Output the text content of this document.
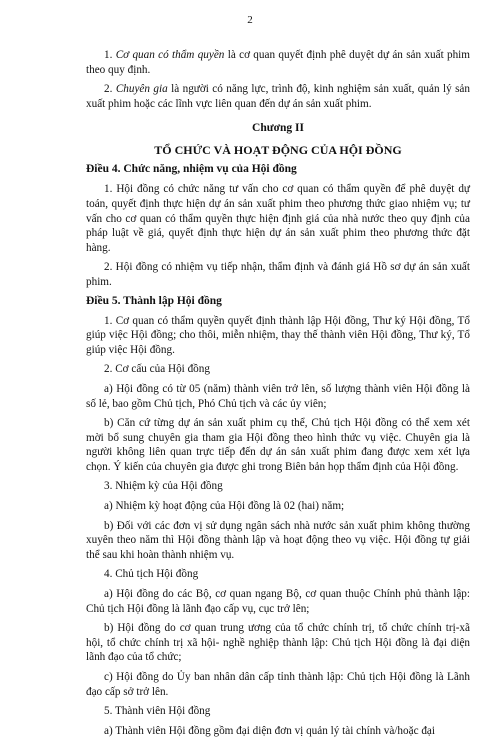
2

1. Cơ quan có thẩm quyền là cơ quan quyết định phê duyệt dự án sản xuất phim theo quy định.

2. Chuyên gia là người có năng lực, trình độ, kinh nghiệm sản xuất, quản lý sản xuất phim hoặc các lĩnh vực liên quan đến dự án sản xuất phim.

Chương II
TỔ CHỨC VÀ HOẠT ĐỘNG CỦA HỘI ĐỒNG

Điều 4. Chức năng, nhiệm vụ của Hội đồng

1. Hội đồng có chức năng tư vấn cho cơ quan có thẩm quyền để phê duyệt dự toán, quyết định thực hiện dự án sản xuất phim theo phương thức giao nhiệm vụ; tư vấn cho cơ quan có thẩm quyền thực hiện định giá của nhà nước theo quy định của pháp luật về giá, quyết định thực hiện dự án sản xuất phim theo phương thức đặt hàng.

2. Hội đồng có nhiệm vụ tiếp nhận, thẩm định và đánh giá Hồ sơ dự án sản xuất phim.

Điều 5. Thành lập Hội đồng

1. Cơ quan có thẩm quyền quyết định thành lập Hội đồng, Thư ký Hội đồng, Tổ giúp việc Hội đồng; cho thôi, miễn nhiệm, thay thế thành viên Hội đồng, Thư ký, Tổ giúp việc Hội đồng.

2. Cơ cấu của Hội đồng

a) Hội đồng có từ 05 (năm) thành viên trở lên, số lượng thành viên Hội đồng là số lẻ, bao gồm Chủ tịch, Phó Chủ tịch và các ủy viên;

b) Căn cứ từng dự án sản xuất phim cụ thể, Chủ tịch Hội đồng có thể xem xét mời bổ sung chuyên gia tham gia Hội đồng theo hình thức vụ việc. Chuyên gia là người không liên quan trực tiếp đến dự án sản xuất phim đang được xem xét lựa chọn. Ý kiến của chuyên gia được ghi trong Biên bản họp thẩm định của Hội đồng.

3. Nhiệm kỳ của Hội đồng

a) Nhiệm kỳ hoạt động của Hội đồng là 02 (hai) năm;

b) Đối với các đơn vị sử dụng ngân sách nhà nước sản xuất phim không thường xuyên theo năm thì Hội đồng thành lập và hoạt động theo vụ việc. Hội đồng tự giải thể sau khi hoàn thành nhiệm vụ.

4. Chủ tịch Hội đồng

a) Hội đồng do các Bộ, cơ quan ngang Bộ, cơ quan thuộc Chính phủ thành lập: Chủ tịch Hội đồng là lãnh đạo cấp vụ, cục trở lên;

b) Hội đồng do cơ quan trung ương của tổ chức chính trị, tổ chức chính trị-xã hội, tổ chức chính trị xã hội- nghề nghiệp thành lập: Chủ tịch Hội đồng là đại diện lãnh đạo của tổ chức;

c) Hội đồng do Ủy ban nhân dân cấp tỉnh thành lập: Chủ tịch Hội đồng là Lãnh đạo cấp sở trở lên.

5. Thành viên Hội đồng

a) Thành viên Hội đồng gồm đại diện đơn vị quản lý tài chính và/hoặc đại
